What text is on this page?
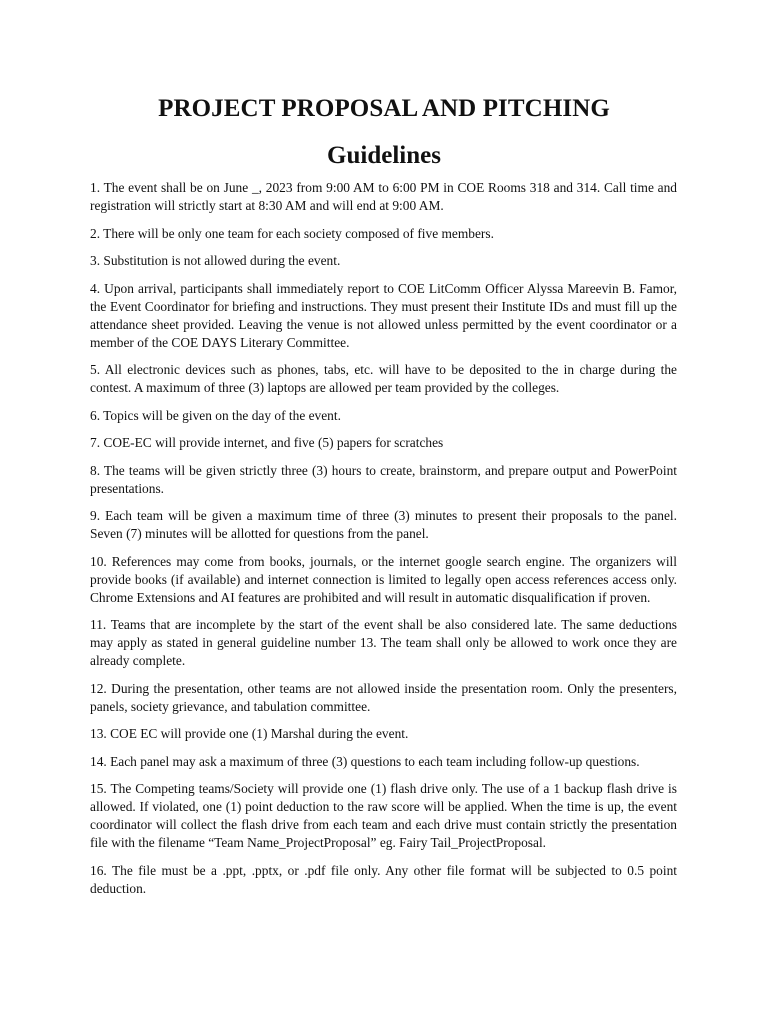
PROJECT PROPOSAL AND PITCHING
Guidelines
1. The event shall be on June _, 2023 from 9:00 AM to 6:00 PM in COE Rooms 318 and 314. Call time and registration will strictly start at 8:30 AM and will end at 9:00 AM.
2. There will be only one team for each society composed of five members.
3. Substitution is not allowed during the event.
4. Upon arrival, participants shall immediately report to COE LitComm Officer Alyssa Mareevin B. Famor, the Event Coordinator for briefing and instructions. They must present their Institute IDs and must fill up the attendance sheet provided. Leaving the venue is not allowed unless permitted by the event coordinator or a member of the COE DAYS Literary Committee.
5. All electronic devices such as phones, tabs, etc. will have to be deposited to the in charge during the contest. A maximum of three (3) laptops are allowed per team provided by the colleges.
6. Topics will be given on the day of the event.
7. COE-EC will provide internet, and five (5) papers for scratches
8. The teams will be given strictly three (3) hours to create, brainstorm, and prepare output and PowerPoint presentations.
9. Each team will be given a maximum time of three (3) minutes to present their proposals to the panel. Seven (7) minutes will be allotted for questions from the panel.
10. References may come from books, journals, or the internet google search engine. The organizers will provide books (if available) and internet connection is limited to legally open access references access only. Chrome Extensions and AI features are prohibited and will result in automatic disqualification if proven.
11. Teams that are incomplete by the start of the event shall be also considered late. The same deductions may apply as stated in general guideline number 13. The team shall only be allowed to work once they are already complete.
12. During the presentation, other teams are not allowed inside the presentation room. Only the presenters, panels, society grievance, and tabulation committee.
13. COE EC will provide one (1) Marshal during the event.
14. Each panel may ask a maximum of three (3) questions to each team including follow-up questions.
15. The Competing teams/Society will provide one (1) flash drive only. The use of a 1 backup flash drive is allowed. If violated, one (1) point deduction to the raw score will be applied. When the time is up, the event coordinator will collect the flash drive from each team and each drive must contain strictly the presentation file with the filename “Team Name_ProjectProposal” eg. Fairy Tail_ProjectProposal.
16. The file must be a .ppt, .pptx, or .pdf file only. Any other file format will be subjected to 0.5 point deduction.
